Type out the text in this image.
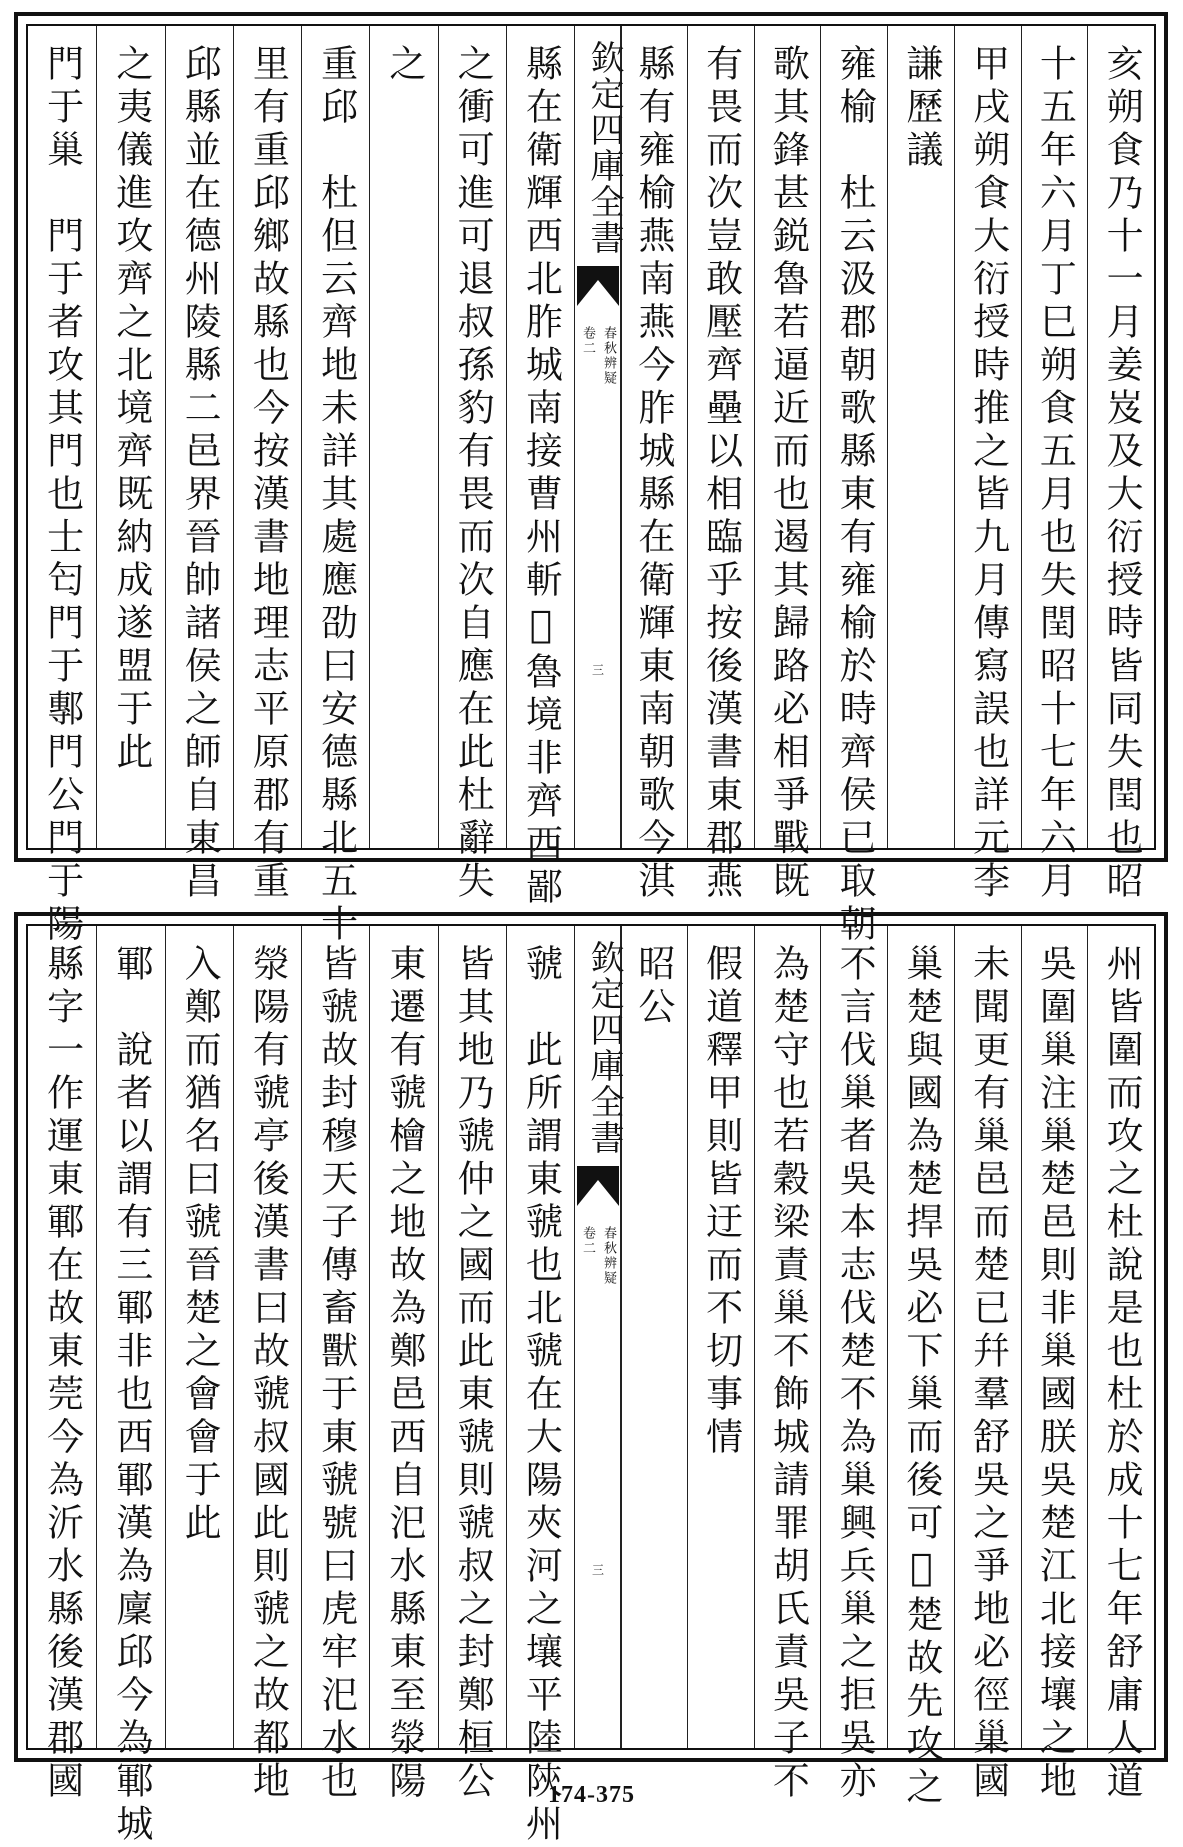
縣在衛輝西北胙城南接曹州斬𨮵魯境非齊西鄙
之衝可進可退叔孫豹有畏而次自應在此杜辭失
之
重邱　杜但云齊地未詳其處應劭曰安德縣北五十
里有重邱鄉故縣也今按漢書地理志平原郡有重
邱縣並在德州陵縣二邑界晉帥諸侯之師自東昌
之夷儀進攻齊之北境齊既納成遂盟于此
門于巢　門于者攻其門也士匄門于鄟門公門于陽	欽定四庫全書
卷二 春秋辨疑
三	亥朔食乃十一月姜岌及大衍授時皆同失閏也昭
十五年六月丁巳朔食五月也失閏昭十七年六月
甲戌朔食大衍授時推之皆九月傳寫誤也詳元李
謙歷議
雍榆　杜云汲郡朝歌縣東有雍榆於時齊侯已取朝
歌其鋒甚鋭魯若逼近而也遏其歸路必相爭戰既
有畏而次豈敢壓齊壘以相臨乎按後漢書東郡燕
縣有雍榆燕南燕今胙城縣在衛輝東南朝歌今淇
虢　此所謂東虢也北虢在大陽夾河之壤平陸陝州
皆其地乃虢仲之國而此東虢則虢叔之封鄭桓公
東遷有虢檜之地故為鄭邑西自汜水縣東至滎陽
皆虢故封穆天子傳畜獸于東虢號曰虎牢汜水也
滎陽有虢亭後漢書曰故虢叔國此則虢之故都地
入鄭而猶名曰虢晉楚之會會于此
鄆　說者以謂有三鄆非也西鄆漢為廩邱今為鄆城
縣字一作運東鄆在故東莞今為沂水縣後漢郡國	欽定四庫全書
卷二 春秋辨疑
三	州皆圍而攻之杜說是也杜於成十七年舒庸人道
吳圍巢注巢楚邑則非巢國朕吳楚江北接壤之地
未聞更有巢邑而楚已幷羣舒吳之爭地必徑巢國
巢楚與國為楚捍吳必下巢而後可𨮵楚故先攻之
不言伐巢者吳本志伐楚不為巢興兵巢之拒吳亦
為楚守也若穀梁責巢不飾城請罪胡氏責吳子不
假道釋甲則皆迂而不切事情
昭公
174-375
